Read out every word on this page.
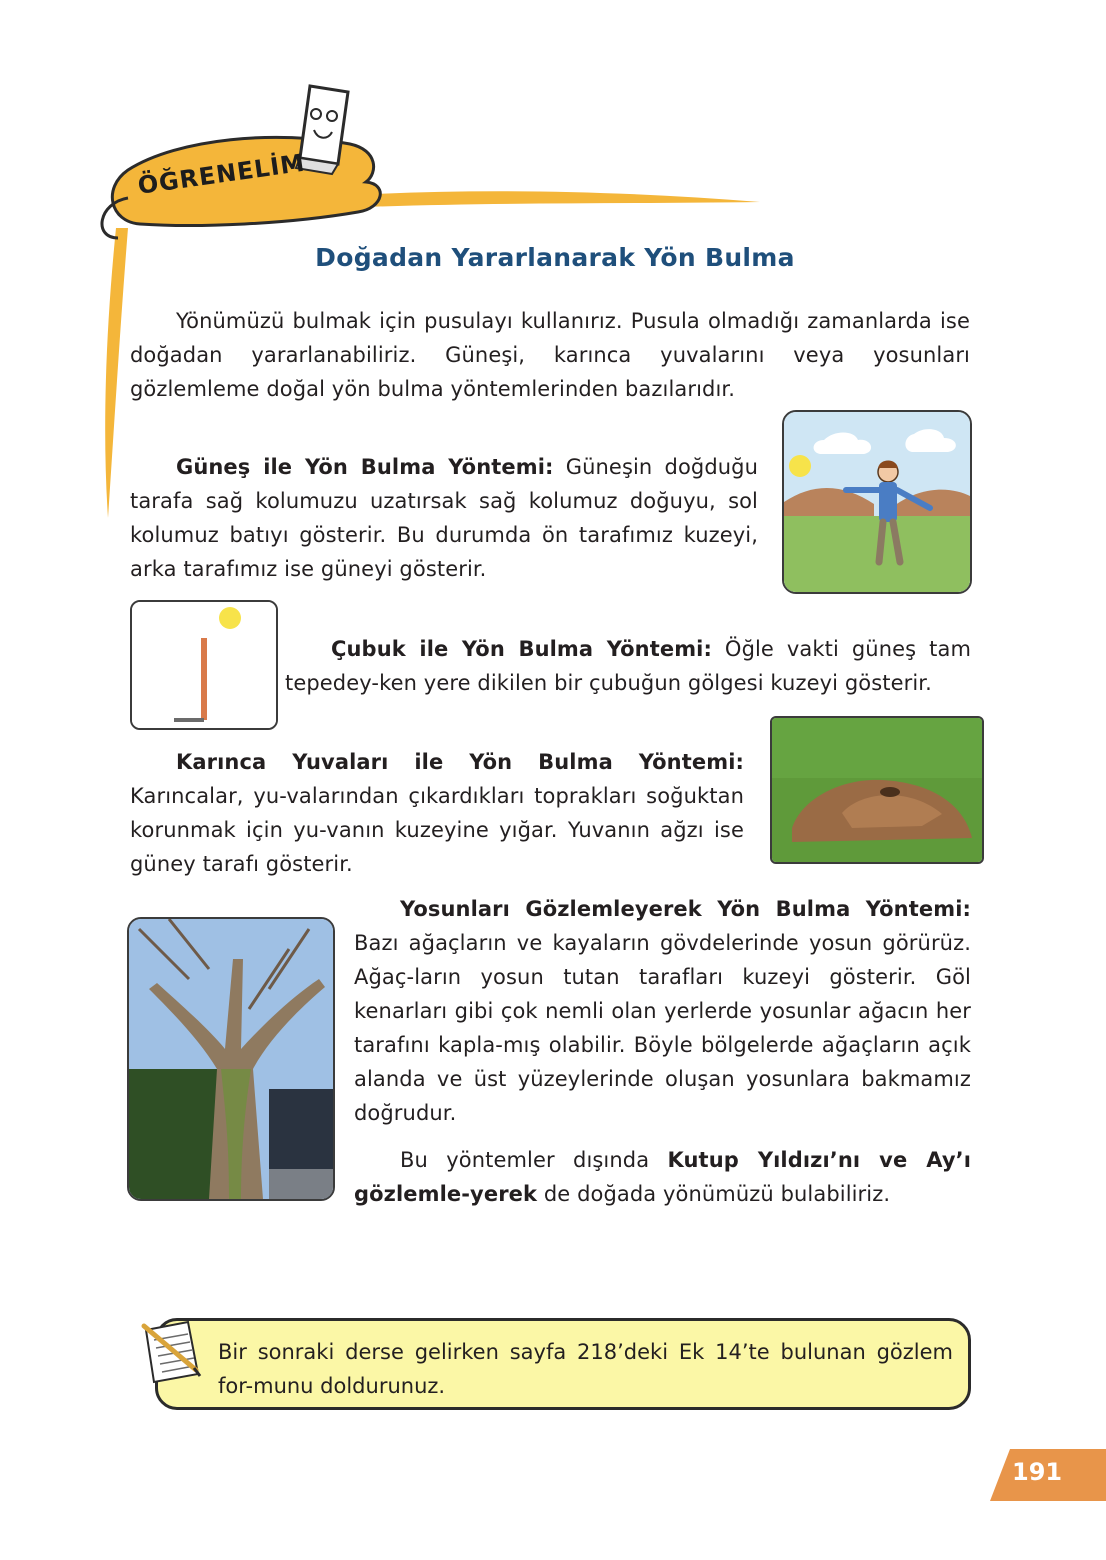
ÖĞRENELİM
Doğadan Yararlanarak Yön Bulma

Yönümüzü bulmak için pusulayı kullanırız. Pusula olmadığı zamanlarda ise doğadan yararlanabiliriz. Güneşi, karınca yuvalarını veya yosunları gözlemleme doğal yön bulma yöntemlerinden bazılarıdır.

Güneş ile Yön Bulma Yöntemi: Güneşin doğduğu tarafa sağ kolumuzu uzatırsak sağ kolumuz doğuyu, sol kolumuz batıyı gösterir. Bu durumda ön tarafımız kuzeyi, arka tarafımız ise güneyi gösterir.

Çubuk ile Yön Bulma Yöntemi: Öğle vakti güneş tam tepedey-ken yere dikilen bir çubuğun gölgesi kuzeyi gösterir.

Karınca Yuvaları ile Yön Bulma Yöntemi: Karıncalar, yu-valarından çıkardıkları toprakları soğuktan korunmak için yu-vanın kuzeyine yığar. Yuvanın ağzı ise güney tarafı gösterir.

Yosunları Gözlemleyerek Yön Bulma Yöntemi: Bazı ağaçların ve kayaların gövdelerinde yosun görürüz. Ağaç-ların yosun tutan tarafları kuzeyi gösterir. Göl kenarları gibi çok nemli olan yerlerde yosunlar ağacın her tarafını kapla-mış olabilir. Böyle bölgelerde ağaçların açık alanda ve üst yüzeylerinde oluşan yosunlara bakmamız doğrudur.

Bu yöntemler dışında Kutup Yıldızı’nı ve Ay’ı gözlemle-yerek de doğada yönümüzü bulabiliriz.

Bir sonraki derse gelirken sayfa 218’deki Ek 14’te bulunan gözlem for-munu doldurunuz.

191
